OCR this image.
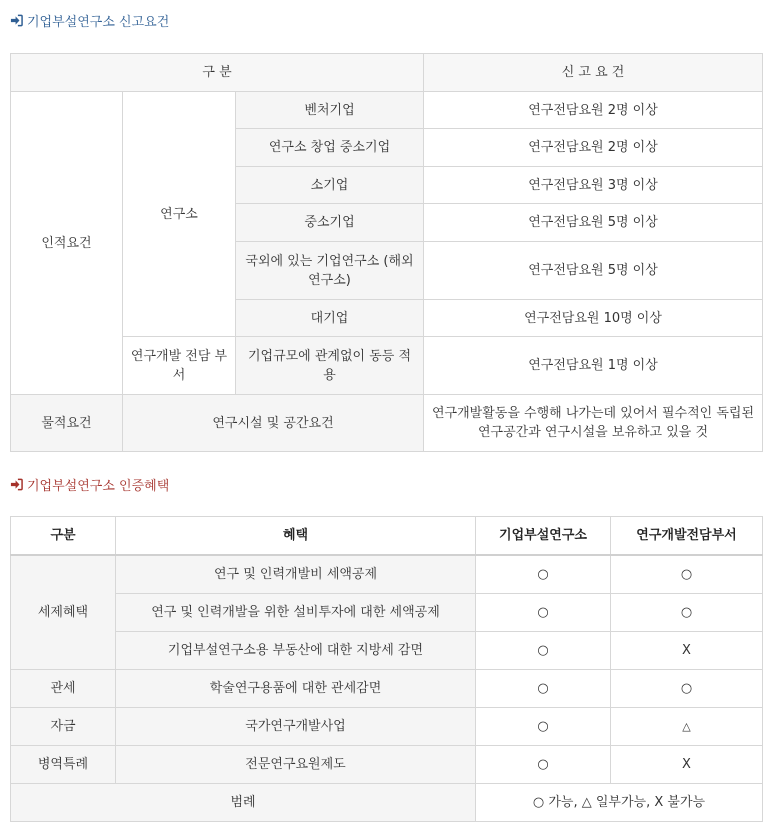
기업부설연구소 신고요건
구 분			신 고 요 건
인적요건	연구소	벤처기업	연구전담요원 2명 이상
		연구소 창업 중소기업	연구전담요원 2명 이상
		소기업	연구전담요원 3명 이상
		중소기업	연구전담요원 5명 이상
		국외에 있는 기업연구소 (해외연구소)	연구전담요원 5명 이상
		대기업	연구전담요원 10명 이상
	연구개발 전담 부서	기업규모에 관계없이 동등 적용	연구전담요원 1명 이상

물적요건	연구시설 및 공간요건		연구개발활동을 수행해 나가는데 있어서 필수적인 독립된 연구공간과 연구시설을 보유하고 있을 것
기업부설연구소 인증혜택
구분	혜택	기업부설연구소	연구개발전담부서
세제혜택	연구 및 인력개발비 세액공제	○	○
	연구 및 인력개발을 위한 설비투자에 대한 세액공제	○	○
	기업부설연구소용 부동산에 대한 지방세 감면	○	X
관세	학술연구용품에 대한 관세감면	○	○
자금	국가연구개발사업	○	△
병역특례	전문연구요원제도	○	X
범례		○ 가능, △ 일부가능, X 불가능	
